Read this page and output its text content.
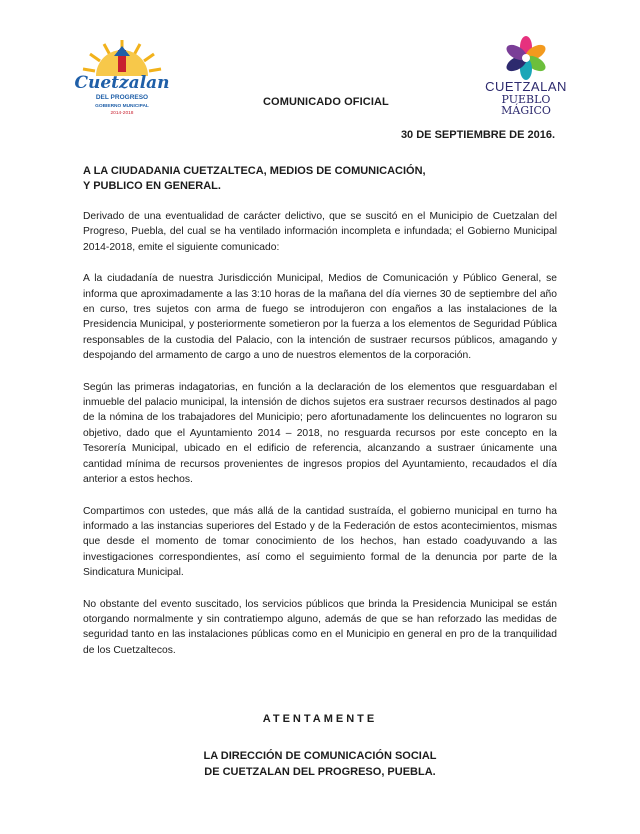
Cuetzalan
DEL PROGRESO
GOBIERNO MUNICIPAL
2014-2018
CUETZALAN
PUEBLO
MÁGICO
COMUNICADO OFICIAL
30 DE SEPTIEMBRE DE 2016.
A LA CIUDADANIA CUETZALTECA, MEDIOS DE COMUNICACIÓN,
Y PUBLICO EN GENERAL.

Derivado de una eventualidad de carácter delictivo, que se suscitó en el Municipio de Cuetzalan del Progreso, Puebla, del cual se ha ventilado información incompleta e infundada; el Gobierno Municipal 2014-2018, emite el siguiente comunicado:

A la ciudadanía de nuestra Jurisdicción Municipal, Medios de Comunicación y Público General, se informa que aproximadamente a las 3:10 horas de la mañana del día viernes 30 de septiembre del año en curso, tres sujetos con arma de fuego se introdujeron con engaños a las instalaciones de la Presidencia Municipal, y posteriormente sometieron por la fuerza a los elementos de Seguridad Pública responsables de la custodia del Palacio, con la intención de sustraer recursos públicos, amagando y despojando del armamento de cargo a uno de nuestros elementos de la corporación.

Según las primeras indagatorias, en función a la declaración de los elementos que resguardaban el inmueble del palacio municipal, la intensión de dichos sujetos era sustraer recursos destinados al pago de la nómina de los trabajadores del Municipio; pero afortunadamente los delincuentes no lograron su objetivo, dado que el Ayuntamiento 2014 – 2018, no resguarda recursos por este concepto en la Tesorería Municipal, ubicado en el edificio de referencia, alcanzando a sustraer únicamente una cantidad mínima de recursos provenientes de ingresos propios del Ayuntamiento, recaudados el día anterior a estos hechos.

Compartimos con ustedes, que más allá de la cantidad sustraída, el gobierno municipal en turno ha informado a las instancias superiores del Estado y de la Federación de estos acontecimientos, mismas que desde el momento de tomar conocimiento de los hechos, han estado coadyuvando a las investigaciones correspondientes, así como el seguimiento formal de la denuncia por parte de la Sindicatura Municipal.

No obstante del evento suscitado, los servicios públicos que brinda la Presidencia Municipal se están otorgando normalmente y sin contratiempo alguno, además de que se han reforzado las medidas de seguridad tanto en las instalaciones públicas como en el Municipio en general en pro de la tranquilidad de los Cuetzaltecos.

ATENTAMENTE
LA DIRECCIÓN DE COMUNICACIÓN SOCIAL
DE CUETZALAN DEL PROGRESO, PUEBLA.
